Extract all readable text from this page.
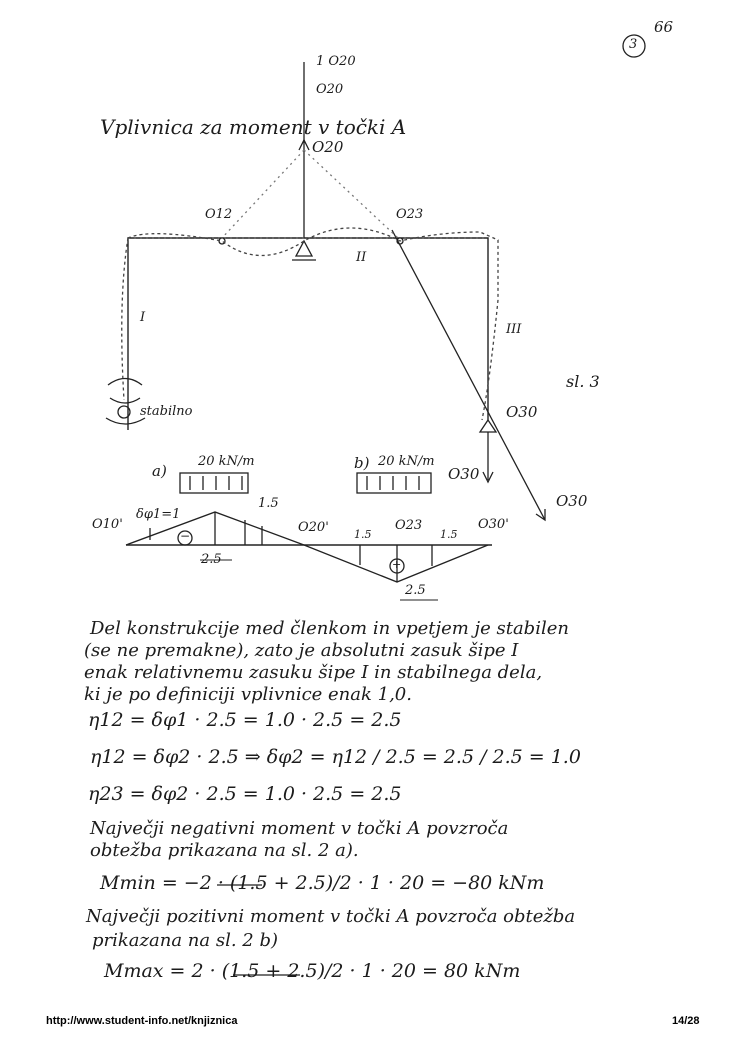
3
66
Vplivnica za moment v točki A
1 O20
O20
O20
O12	O23
O30
O30
O30
I
II
III
stabilno
sl. 3
a)
20 kN/m	b) 20 kN/m
O10'
δφ1=1
1.5
−
2.5
O20' 1.5
O23
1.5
O30'
+
2.5
Del konstrukcije med členkom in vpetjem je stabilen
(se ne premakne), zato je absolutni zasuk šipe I
enak relativnemu zasuku šipe I in stabilnega dela,
ki je po definiciji vplivnice enak 1,0.
η12 = δφ1 · 2.5 = 1.0 · 2.5 = 2.5
η12 = δφ2 · 2.5 ⇒ δφ2 = η12 / 2.5 = 2.5 / 2.5 = 1.0
η23 = δφ2 · 2.5 = 1.0 · 2.5 = 2.5
Največji negativni moment v točki A povzroča
obtežba prikazana na sl. 2 a).
Mmin = −2 · (1.5 + 2.5)/2 · 1 · 20 = −80 kNm
Največji pozitivni moment v točki A povzroča obtežba
prikazana na sl. 2 b)
Mmax = 2 · (1.5 + 2.5)/2 · 1 · 20 = 80 kNm
http://www.student-info.net/knjiznica	14/28
